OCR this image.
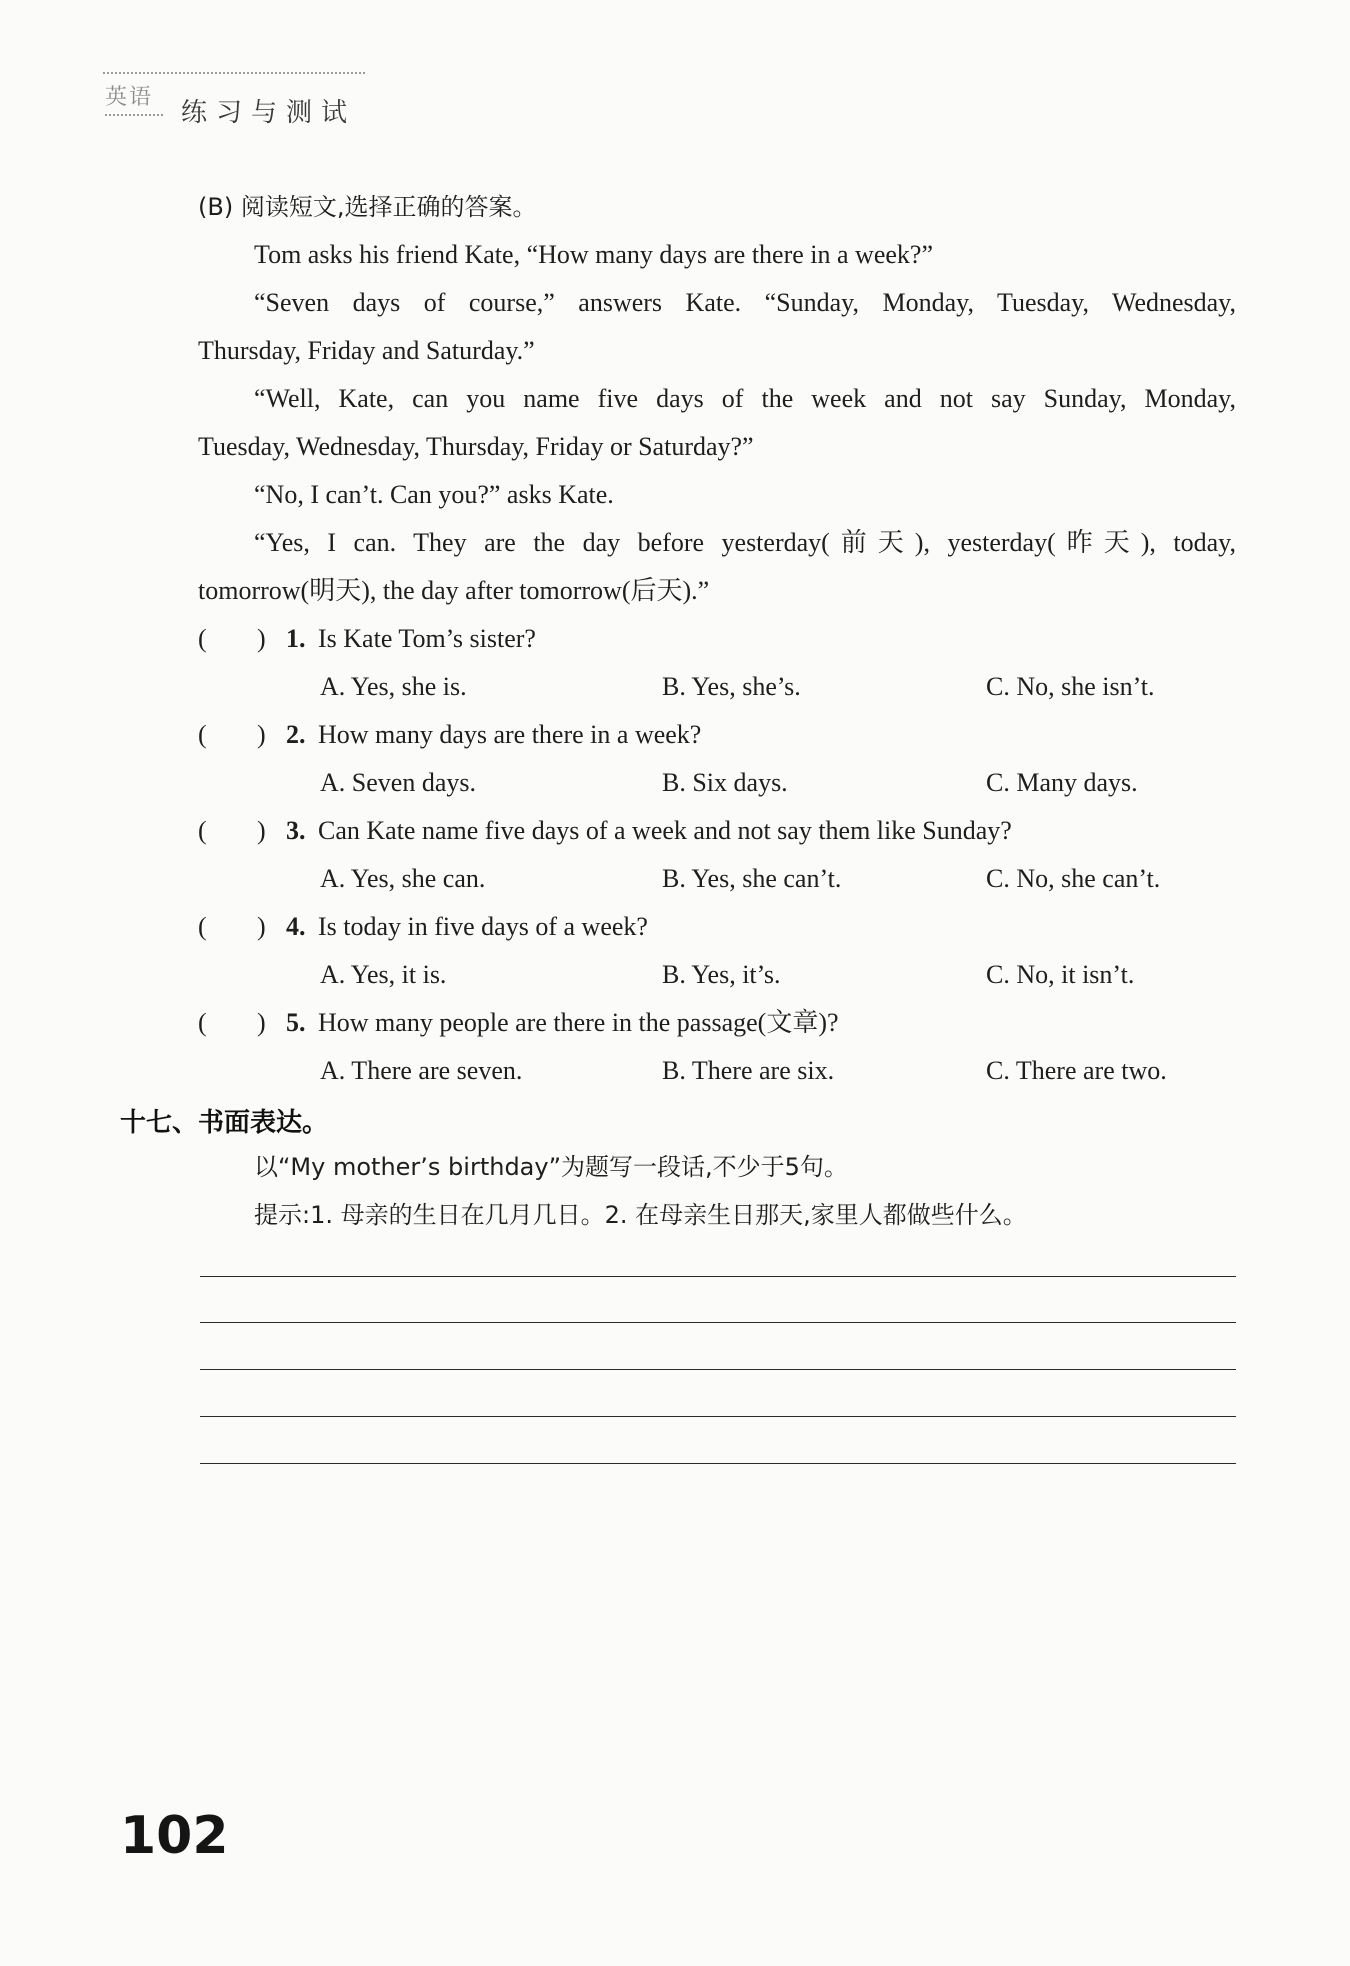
英语
练习与测试
(B) 阅读短文,选择正确的答案。
Tom asks his friend Kate, “How many days are there in a week?”
“Seven days of course,” answers Kate. “Sunday, Monday, Tuesday, Wednesday,
Thursday, Friday and Saturday.”
“Well, Kate, can you name five days of the week and not say Sunday, Monday,
Tuesday, Wednesday, Thursday, Friday or Saturday?”
“No, I can’t. Can you?” asks Kate.
“Yes, I can. They are the day before yesterday(前天), yesterday(昨天), today,
tomorrow(明天), the day after tomorrow(后天).”
( ) 1. Is Kate Tom’s sister?
A. Yes, she is.	B. Yes, she’s.	C. No, she isn’t.
( ) 2. How many days are there in a week?
A. Seven days.	B. Six days.	C. Many days.
( ) 3. Can Kate name five days of a week and not say them like Sunday?
A. Yes, she can.	B. Yes, she can’t.	C. No, she can’t.
( ) 4. Is today in five days of a week?
A. Yes, it is.	B. Yes, it’s.	C. No, it isn’t.
( ) 5. How many people are there in the passage(文章)?
A. There are seven.	B. There are six.	C. There are two.
十七、书面表达。
以“My mother’s birthday”为题写一段话,不少于5句。
提示:1. 母亲的生日在几月几日。2. 在母亲生日那天,家里人都做些什么。
102
